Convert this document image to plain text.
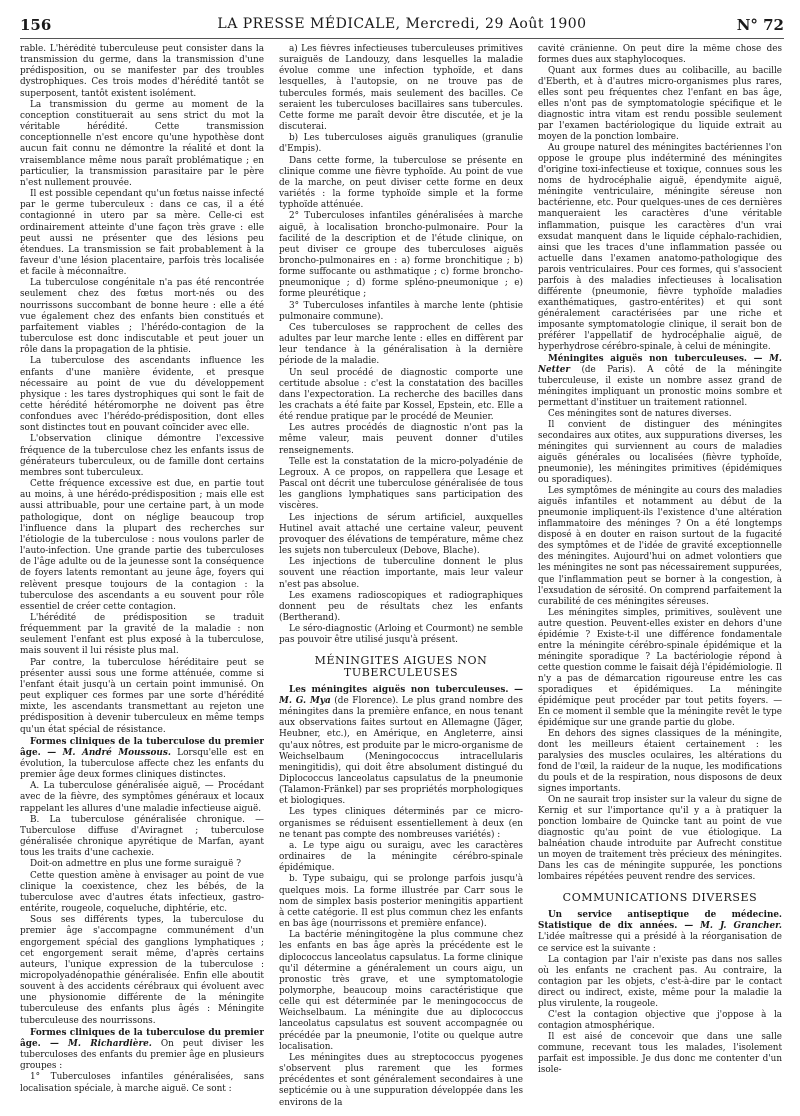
156	LA PRESSE MÉDICALE, Mercredi, 29 Août 1900	N° 72

rable. L'hérédité tuberculeuse peut consister dans la transmission du germe, dans la transmission d'une prédisposition, ou se manifester par des troubles dystrophiques. Ces trois modes d'hérédité tantôt se superposent, tantôt existent isolément.

La transmission du germe au moment de la conception constituerait au sens strict du mot la véritable hérédité. Cette transmission conceptionnelle n'est encore qu'une hypothèse dont aucun fait connu ne démontre la réalité et dont la vraisemblance même nous paraît problématique ; en particulier, la transmission parasitaire par le père n'est nullement prouvée.

Il est possible cependant qu'un fœtus naisse infecté par le germe tuberculeux : dans ce cas, il a été contagionné in utero par sa mère. Celle-ci est ordinairement atteinte d'une façon très grave : elle peut aussi ne présenter que des lésions peu étendues. La transmission se fait probablement à la faveur d'une lésion placentaire, parfois très localisée et facile à méconnaître.

La tuberculose congénitale n'a pas été rencontrée seulement chez des fœtus mort-nés ou des nourrissons succombant de bonne heure : elle a été vue également chez des enfants bien constitués et parfaitement viables ; l'hérédo-contagion de la tuberculose est donc indiscutable et peut jouer un rôle dans la propagation de la phtisie.

La tuberculose des ascendants influence les enfants d'une manière évidente, et presque nécessaire au point de vue du développement physique : les tares dystrophiques qui sont le fait de cette hérédité hétéromorphe ne doivent pas être confondues avec l'hérédo-prédisposition, dont elles sont distinctes tout en pouvant coïncider avec elle.

L'observation clinique démontre l'excessive fréquence de la tuberculose chez les enfants issus de générateurs tuberculeux, ou de famille dont certains membres sont tuberculeux.

Cette fréquence excessive est due, en partie tout au moins, à une hérédo-prédisposition ; mais elle est aussi attribuable, pour une certaine part, à un mode pathologique, dont on néglige beaucoup trop l'influence dans la plupart des recherches sur l'étiologie de la tuberculose : nous voulons parler de l'auto-infection. Une grande partie des tuberculoses de l'âge adulte ou de la jeunesse sont la conséquence de foyers latents remontant au jeune âge, foyers qui relèvent presque toujours de la contagion : la tuberculose des ascendants a eu souvent pour rôle essentiel de créer cette contagion.

L'hérédité de prédisposition se traduit fréquemment par la gravité de la maladie : non seulement l'enfant est plus exposé à la tuberculose, mais souvent il lui résiste plus mal.

Par contre, la tuberculose héréditaire peut se présenter aussi sous une forme atténuée, comme si l'enfant était jusqu'à un certain point immunisé. On peut expliquer ces formes par une sorte d'hérédité mixte, les ascendants transmettant au rejeton une prédisposition à devenir tuberculeux en même temps qu'un état spécial de résistance.

Formes cliniques de la tuberculose du premier âge. — M. André Moussous. Lorsqu'elle est en évolution, la tuberculose affecte chez les enfants du premier âge deux formes cliniques distinctes.

A. La tuberculose généralisée aiguë, — Procédant avec de la fièvre, des symptômes généraux et locaux rappelant les allures d'une maladie infectieuse aiguë.

B. La tuberculose généralisée chronique. — Tuberculose diffuse d'Aviragnet ; tuberculose généralisée chronique apyrétique de Marfan, ayant tous les traits d'une cachexie.

Doit-on admettre en plus une forme suraiguë ?

Cette question amène à envisager au point de vue clinique la coexistence, chez les bébés, de la tuberculose avec d'autres états infectieux, gastro-entérite, rougeole, coqueluche, diphtérie, etc.

Sous ses différents types, la tuberculose du premier âge s'accompagne communément d'un engorgement spécial des ganglions lymphatiques ; cet engorgement serait même, d'après certains auteurs, l'unique expression de la tuberculose : micropolyadénopathie généralisée. Enfin elle aboutit souvent à des accidents cérébraux qui évoluent avec une physionomie différente de la méningite tuberculeuse des enfants plus âgés : Méningite tuberculeuse des nourrissons.

Formes cliniques de la tuberculose du premier âge. — M. Richardière. On peut diviser les tuberculoses des enfants du premier âge en plusieurs groupes :

1° Tuberculoses infantiles généralisées, sans localisation spéciale, à marche aiguë. Ce sont :

a) Les fièvres infectieuses tuberculeuses primitives suraiguës de Landouzy, dans lesquelles la maladie évolue comme une infection typhoïde, et dans lesquelles, à l'autopsie, on ne trouve pas de tubercules formés, mais seulement des bacilles. Ce seraient les tuberculoses bacillaires sans tubercules. Cette forme me paraît devoir être discutée, et je la discuterai.

b) Les tuberculoses aiguës granuliques (granulie d'Empis).

Dans cette forme, la tuberculose se présente en clinique comme une fièvre typhoïde. Au point de vue de la marche, on peut diviser cette forme en deux variétés : la forme typhoïde simple et la forme typhoïde atténuée.

2° Tuberculoses infantiles généralisées à marche aiguë, à localisation broncho-pulmonaire. Pour la facilité de la description et de l'étude clinique, on peut diviser ce groupe des tuberculoses aiguës broncho-pulmonaires en : a) forme bronchitique ; b) forme suffocante ou asthmatique ; c) forme broncho-pneumonique ; d) forme spléno-pneumonique ; e) forme pleurétique ;

3° Tuberculoses infantiles à marche lente (phtisie pulmonaire commune).

Ces tuberculoses se rapprochent de celles des adultes par leur marche lente : elles en diffèrent par leur tendance à la généralisation à la dernière période de la maladie.

Un seul procédé de diagnostic comporte une certitude absolue : c'est la constatation des bacilles dans l'expectoration. La recherche des bacilles dans les crachats a été faite par Kossel, Epstein, etc. Elle a été rendue pratique par le procédé de Meunier.

Les autres procédés de diagnostic n'ont pas la même valeur, mais peuvent donner d'utiles renseignements.

Telle est la constatation de la micro-polyadénie de Legroux. A ce propos, on rappellera que Lesage et Pascal ont décrit une tuberculose généralisée de tous les ganglions lymphatiques sans participation des viscères.

Les injections de sérum artificiel, auxquelles Hutinel avait attaché une certaine valeur, peuvent provoquer des élévations de température, même chez les sujets non tuberculeux (Debove, Blache).

Les injections de tuberculine donnent le plus souvent une réaction importante, mais leur valeur n'est pas absolue.

Les examens radioscopiques et radiographiques donnent peu de résultats chez les enfants (Bertherand).

Le séro-diagnostic (Arloing et Courmont) ne semble pas pouvoir être utilisé jusqu'à présent.

MÉNINGITES AIGUES NON TUBERCULEUSES

Les méningites aiguës non tuberculeuses. — M. G. Mya (de Florence). Le plus grand nombre des méningites dans la première enfance, en nous tenant aux observations faites surtout en Allemagne (Jäger, Heubner, etc.), en Amérique, en Angleterre, ainsi qu'aux nôtres, est produite par le micro-organisme de Weichselbaum (Meningococcus intracellularis meningitidis), qui doit être absolument distingué du Diplococcus lanceolatus capsulatus de la pneumonie (Talamon-Fränkel) par ses propriétés morphologiques et biologiques.

Les types cliniques déterminés par ce micro-organismes se réduisent essentiellement à deux (en ne tenant pas compte des nombreuses variétés) :

a. Le type aigu ou suraigu, avec les caractères ordinaires de la méningite cérébro-spinale épidémique.

b. Type subaigu, qui se prolonge parfois jusqu'à quelques mois. La forme illustrée par Carr sous le nom de simplex basis posterior meningitis appartient à cette catégorie. Il est plus commun chez les enfants en bas âge (nourrissons et première enfance).

La bactérie méningitogène la plus commune chez les enfants en bas âge après la précédente est le diplococcus lanceolatus capsulatus. La forme clinique qu'il détermine a généralement un cours aigu, un pronostic très grave, et une symptomatologie polymorphe, beaucoup moins caractéristique que celle qui est déterminée par le meningococcus de Weichselbaum. La méningite due au diplococcus lanceolatus capsulatus est souvent accompagnée ou précédée par la pneumonie, l'otite ou quelque autre localisation.

Les méningites dues au streptococcus pyogenes s'observent plus rarement que les formes précédentes et sont généralement secondaires à une septicémie ou à une suppuration développée dans les environs de la

cavité crânienne. On peut dire la même chose des formes dues aux staphylocoques.

Quant aux formes dues au colibacille, au bacille d'Eberth, et à d'autres micro-organismes plus rares, elles sont peu fréquentes chez l'enfant en bas âge, elles n'ont pas de symptomatologie spécifique et le diagnostic intra vitam est rendu possible seulement par l'examen bactériologique du liquide extrait au moyen de la ponction lombaire.

Au groupe naturel des méningites bactériennes l'on oppose le groupe plus indéterminé des méningites d'origine toxi-infectieuse et toxique, connues sous les noms de hydrocéphalie aiguë, épendymite aiguë, méningite ventriculaire, méningite séreuse non bactérienne, etc. Pour quelques-unes de ces dernières manqueraient les caractères d'une véritable inflammation, puisque les caractères d'un vrai exsudat manquent dans le liquide céphalo-rachidien, ainsi que les traces d'une inflammation passée ou actuelle dans l'examen anatomo-pathologique des parois ventriculaires. Pour ces formes, qui s'associent parfois à des maladies infectieuses à localisation différente (pneumonie, fièvre typhoïde maladies exanthématiques, gastro-entérites) et qui sont généralement caractérisées par une riche et imposante symptomatologie clinique, il serait bon de préférer l'appellatif de hydrocéphalie aiguë, de hyperhydrose cérébro-spinale, à celui de méningite.

Méningites aiguës non tuberculeuses. — M. Netter (de Paris). A côté de la méningite tuberculeuse, il existe un nombre assez grand de méningites impliquant un pronostic moins sombre et permettant d'instituer un traitement rationnel.

Ces méningites sont de natures diverses.

Il convient de distinguer des méningites secondaires aux otites, aux suppurations diverses, les méningites qui surviennent au cours de maladies aiguës générales ou localisées (fièvre typhoïde, pneumonie), les méningites primitives (épidémiques ou sporadiques).

Les symptômes de méningite au cours des maladies aiguës infantiles et notamment au début de la pneumonie impliquent-ils l'existence d'une altération inflammatoire des méninges ? On a été longtemps disposé à en douter en raison surtout de la fugacité des symptômes et de l'idée de gravité exceptionnelle des méningites. Aujourd'hui on admet volontiers que les méningites ne sont pas nécessairement suppurées, que l'inflammation peut se borner à la congestion, à l'exsudation de sérosité. On comprend parfaitement la curabilité de ces méningites séreuses.

Les méningites simples, primitives, soulèvent une autre question. Peuvent-elles exister en dehors d'une épidémie ? Existe-t-il une différence fondamentale entre la méningite cérébro-spinale épidémique et la méningite sporadique ? La bactériologie répond à cette question comme le faisait déjà l'épidémiologie. Il n'y a pas de démarcation rigoureuse entre les cas sporadiques et épidémiques. La méningite épidémique peut procéder par tout petits foyers. — En ce moment il semble que la méningite revêt le type épidémique sur une grande partie du globe.

En dehors des signes classiques de la méningite, dont les meilleurs étaient certainement : les paralysies des muscles oculaires, les altérations du fond de l'œil, la raideur de la nuque, les modifications du pouls et de la respiration, nous disposons de deux signes importants.

On ne saurait trop insister sur la valeur du signe de Kernig et sur l'importance qu'il y a à pratiquer la ponction lombaire de Quincke tant au point de vue diagnostic qu'au point de vue étiologique. La balnéation chaude introduite par Aufrecht constitue un moyen de traitement très précieux des méningites. Dans les cas de méningite suppurée, les ponctions lombaires répétées peuvent rendre des services.

COMMUNICATIONS DIVERSES

Un service antiseptique de médecine. Statistique de dix années. — M. J. Grancher. L'idée maîtresse qui a présidé à la réorganisation de ce service est la suivante :

La contagion par l'air n'existe pas dans nos salles où les enfants ne crachent pas. Au contraire, la contagion par les objets, c'est-à-dire par le contact direct ou indirect, existe, même pour la maladie la plus virulente, la rougeole.

C'est la contagion objective que j'oppose à la contagion atmosphérique.

Il est aisé de concevoir que dans une salle commune, recevant tous les malades, l'isolement parfait est impossible. Je dus donc me contenter d'un isole-
